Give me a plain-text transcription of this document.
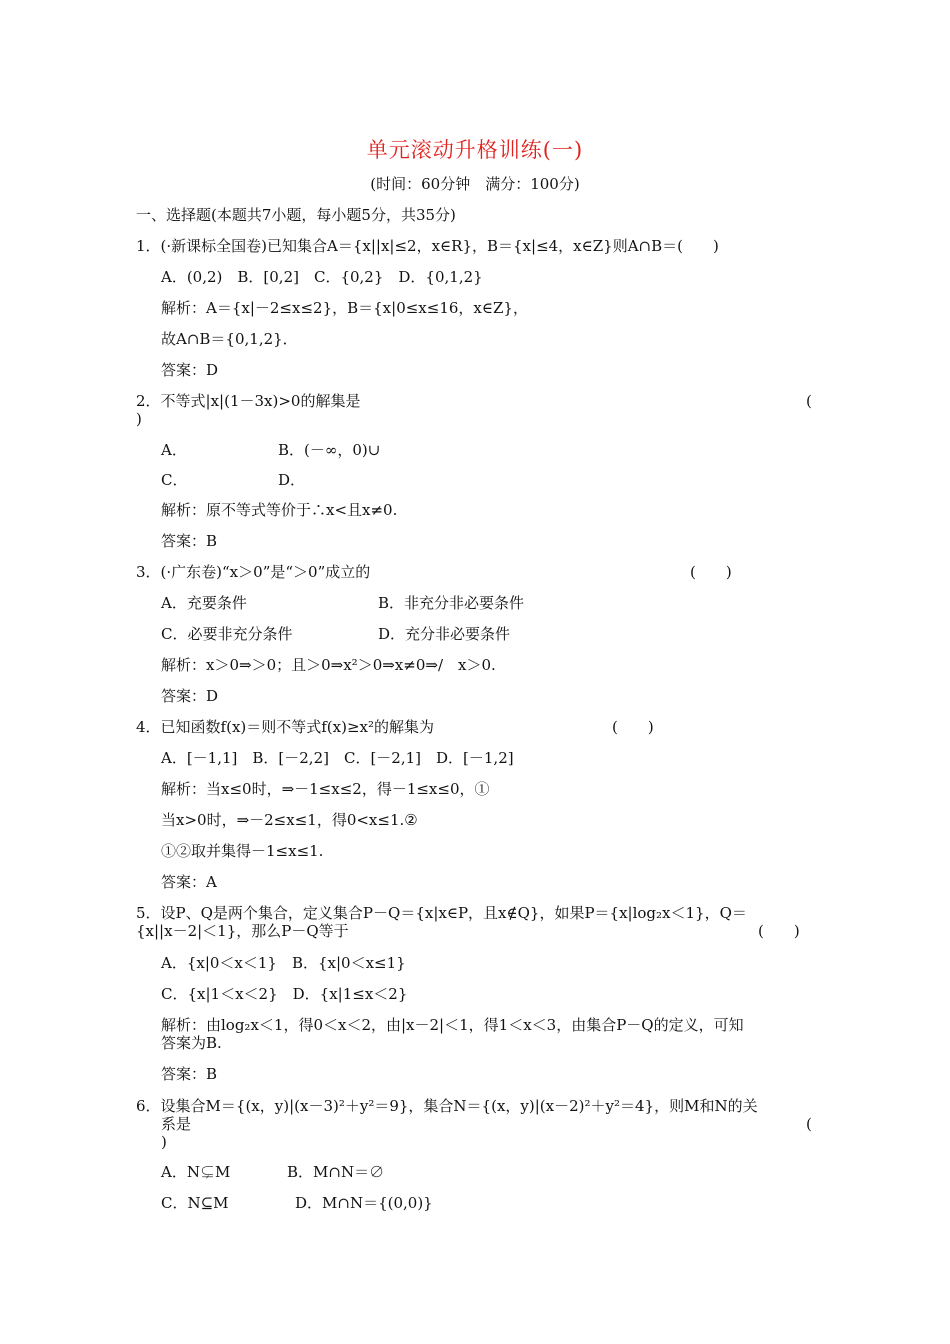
单元滚动升格训练(一)
(时间：60分钟　满分：100分)
一、选择题(本题共7小题，每小题5分，共35分)
1．(·新课标全国卷)已知集合A＝{x||x|≤2，x∈R}，B＝{x|≤4，x∈Z}则A∩B＝(　　)
A．(0,2)　B．[0,2]　C．{0,2}　D．{0,1,2}
解析：A＝{x|－2≤x≤2}，B＝{x|0≤x≤16，x∈Z}，
故A∩B＝{0,1,2}．
答案：D
2．不等式|x|(1－3x)>0的解集是	(
)
A．	B．(－∞，0)∪
C．	D．
解析：原不等式等价于∴x<且x≠0.
答案：B
3．(·广东卷)“x＞0”是“＞0”成立的	(　　)
A．充要条件	B．非充分非必要条件
C．必要非充分条件	D．充分非必要条件
解析：x＞0⇒＞0；且＞0⇒x²＞0⇒x≠0⇒/　x＞0.
答案：D
4．已知函数f(x)＝则不等式f(x)≥x²的解集为	(　　)
A．[－1,1]　B．[－2,2]　C．[－2,1]　D．[－1,2]
解析：当x≤0时，⇒－1≤x≤2，得－1≤x≤0，①
当x>0时，⇒－2≤x≤1，得0<x≤1.②
①②取并集得－1≤x≤1.
答案：A
5．设P、Q是两个集合，定义集合P－Q＝{x|x∈P，且x∉Q}，如果P＝{x|log₂x＜1}，Q＝
{x||x－2|＜1}，那么P－Q等于	(　　)
A．{x|0＜x＜1}　B．{x|0＜x≤1}
C．{x|1＜x＜2}　D．{x|1≤x＜2}
解析：由log₂x＜1，得0＜x＜2，由|x－2|＜1，得1＜x＜3，由集合P－Q的定义，可知
答案为B.
答案：B
6．设集合M＝{(x，y)|(x－3)²＋y²＝9}，集合N＝{(x，y)|(x－2)²＋y²＝4}，则M和N的关
系是	(
)
A．N⊊M	B．M∩N＝∅
C．N⊆M	D．M∩N＝{(0,0)}
